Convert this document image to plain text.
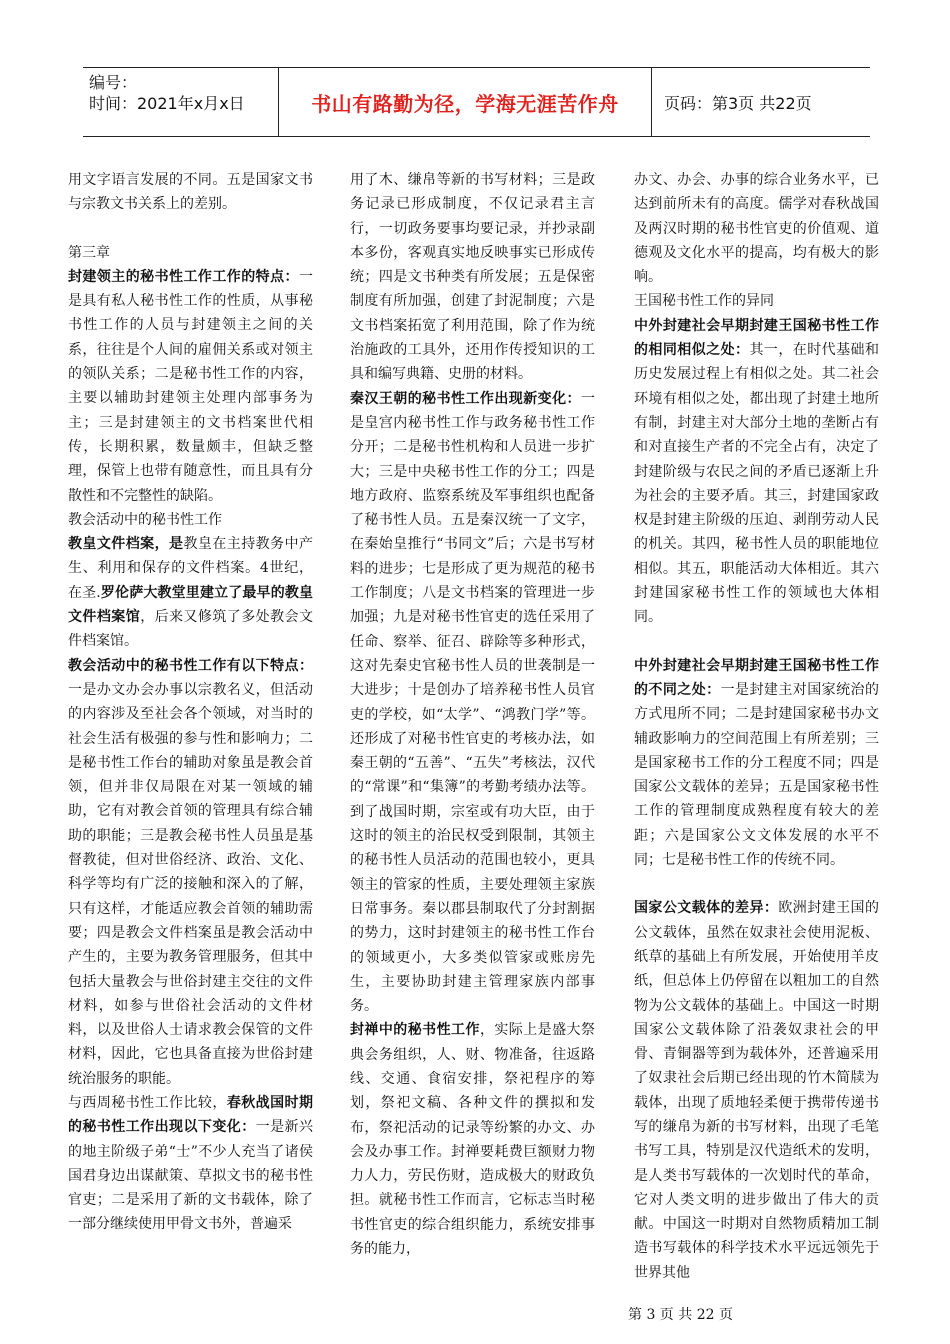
编号：
时间：2021年x月x日	书山有路勤为径，学海无涯苦作舟	页码：第3页 共22页

用文字语言发展的不同。五是国家文书与宗教文书关系上的差别。

第三章

封建领主的秘书性工作工作的特点：一是具有私人秘书性工作的性质，从事秘书性工作的人员与封建领主之间的关系，往往是个人间的雇佣关系或对领主的领队关系；二是秘书性工作的内容，主要以辅助封建领主处理内部事务为主；三是封建领主的文书档案世代相传，长期积累，数量颇丰，但缺乏整理，保管上也带有随意性，而且具有分散性和不完整性的缺陷。

教会活动中的秘书性工作

教皇文件档案，是教皇在主持教务中产生、利用和保存的文件档案。4世纪，在圣.罗伦萨大教堂里建立了最早的教皇文件档案馆，后来又修筑了多处教会文件档案馆。

教会活动中的秘书性工作有以下特点：一是办文办会办事以宗教名义，但活动的内容涉及至社会各个领域，对当时的社会生活有极强的参与性和影响力；二是秘书性工作台的辅助对象虽是教会首领，但并非仅局限在对某一领域的辅助，它有对教会首领的管理具有综合辅助的职能；三是教会秘书性人员虽是基督教徒，但对世俗经济、政治、文化、科学等均有广泛的接触和深入的了解，只有这样，才能适应教会首领的辅助需要；四是教会文件档案虽是教会活动中产生的，主要为教务管理服务，但其中包括大量教会与世俗封建主交往的文件材料，如参与世俗社会活动的文件材料，以及世俗人士请求教会保管的文件材料，因此，它也具备直接为世俗封建统治服务的职能。

与西周秘书性工作比较，春秋战国时期的秘书性工作出现以下变化：一是新兴的地主阶级子弟“士”不少人充当了诸侯国君身边出谋献策、草拟文书的秘书性官吏；二是采用了新的文书载体，除了一部分继续使用甲骨文书外，普遍采

用了木、缣帛等新的书写材料；三是政务记录已形成制度，不仅记录君主言行，一切政务要事均要记录，并抄录副本多份，客观真实地反映事实已形成传统；四是文书种类有所发展；五是保密制度有所加强，创建了封泥制度；六是文书档案拓宽了利用范围，除了作为统治施政的工具外，还用作传授知识的工具和编写典籍、史册的材料。

秦汉王朝的秘书性工作出现新变化：一是皇宫内秘书性工作与政务秘书性工作分开；二是秘书性机构和人员进一步扩大；三是中央秘书性工作的分工；四是地方政府、监察系统及军事组织也配备了秘书性人员。五是秦汉统一了文字，在秦始皇推行“书同文”后；六是书写材料的进步；七是形成了更为规范的秘书工作制度；八是文书档案的管理进一步加强；九是对秘书性官吏的选任采用了任命、察举、征召、辟除等多种形式，这对先秦史官秘书性人员的世袭制是一大进步；十是创办了培养秘书性人员官吏的学校，如“太学”、“鸿教门学”等。还形成了对秘书性官吏的考核办法，如秦王朝的“五善”、“五失”考核法，汉代的“常课”和“集簿”的考勤考绩办法等。到了战国时期，宗室或有功大臣，由于这时的领主的治民权受到限制，其领主的秘书性人员活动的范围也较小，更具领主的管家的性质，主要处理领主家族日常事务。秦以郡县制取代了分封割据的势力，这时封建领主的秘书性工作台的领域更小，大多类似管家或账房先生，主要协助封建主管理家族内部事务。

封禅中的秘书性工作，实际上是盛大祭典会务组织，人、财、物准备，往返路线、交通、食宿安排，祭祀程序的筹划，祭祀文稿、各种文件的撰拟和发布，祭祀活动的记录等纷繁的办文、办会及办事工作。封禅要耗费巨额财力物力人力，劳民伤财，造成极大的财政负担。就秘书性工作而言，它标志当时秘书性官吏的综合组织能力，系统安排事务的能力，

办文、办会、办事的综合业务水平，已达到前所未有的高度。儒学对春秋战国及两汉时期的秘书性官吏的价值观、道德观及文化水平的提高，均有极大的影响。

王国秘书性工作的异同

中外封建社会早期封建王国秘书性工作的相同相似之处：其一，在时代基础和历史发展过程上有相似之处。其二社会环境有相似之处，都出现了封建土地所有制，封建主对大部分土地的垄断占有和对直接生产者的不完全占有，决定了封建阶级与农民之间的矛盾已逐渐上升为社会的主要矛盾。其三，封建国家政权是封建主阶级的压迫、剥削劳动人民的机关。其四，秘书性人员的职能地位相似。其五，职能活动大体相近。其六封建国家秘书性工作的领域也大体相同。

中外封建社会早期封建王国秘书性工作的不同之处：一是封建主对国家统治的方式甩所不同；二是封建国家秘书办文辅政影响力的空间范围上有所差别；三是国家秘书工作的分工程度不同；四是国家公文载体的差异；五是国家秘书性工作的管理制度成熟程度有较大的差距；六是国家公文文体发展的水平不同；七是秘书性工作的传统不同。

国家公文载体的差异：欧洲封建王国的公文载体，虽然在奴隶社会使用泥板、纸草的基础上有所发展，开始使用羊皮纸，但总体上仍停留在以粗加工的自然物为公文载体的基础上。中国这一时期国家公文载体除了沿袭奴隶社会的甲骨、青铜器等到为载体外，还普遍采用了奴隶社会后期已经出现的竹木简牍为载体，出现了质地轻柔便于携带传递书写的缣帛为新的书写材料，出现了毛笔书写工具，特别是汉代造纸术的发明，是人类书写载体的一次划时代的革命，它对人类文明的进步做出了伟大的贡献。中国这一时期对自然物质精加工制造书写载体的科学技术水平远远领先于世界其他

第 3 页 共 22 页
